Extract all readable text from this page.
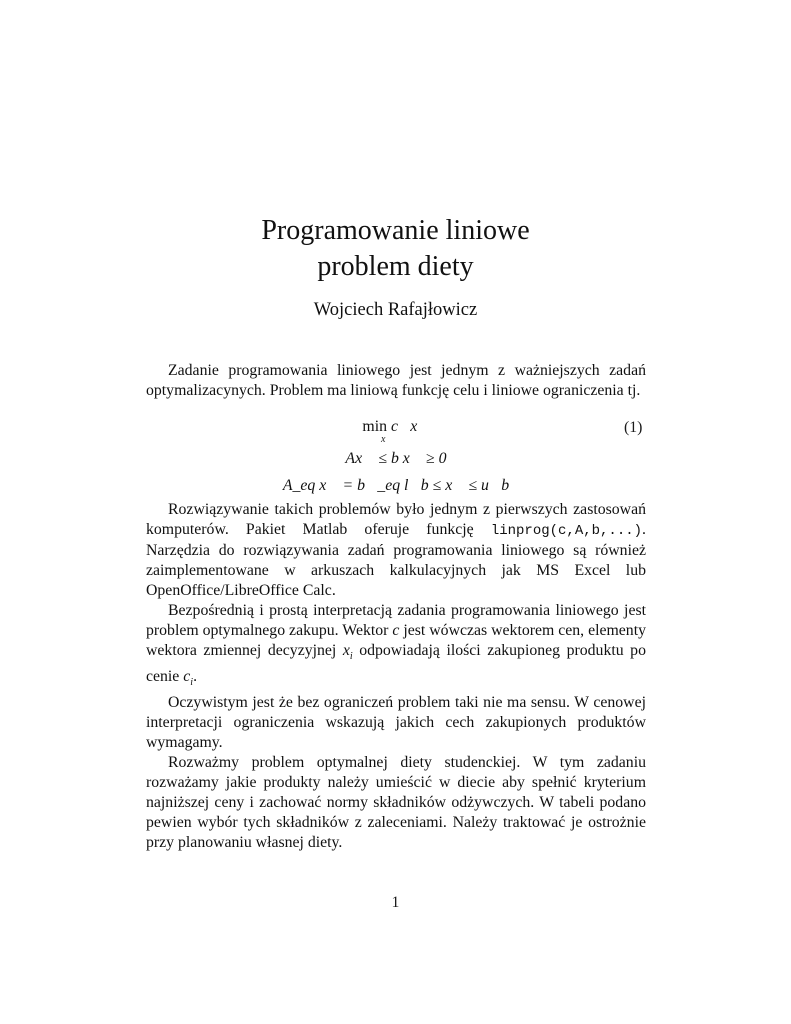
Programowanie liniowe
problem diety
Wojciech Rafajłowicz

Zadanie programowania liniowego jest jednym z ważniejszych zadań optymalizacynych. Problem ma liniową funkcję celu i liniowe ograniczenia tj.

min c⃗x⃗
x
(1)
Ax⃗ ≤ b x⃗ ≥ 0
A_eq x⃗ = b⃗_eq l⃗b ≤ x⃗ ≤ u⃗b

Rozwiązywanie takich problemów było jednym z pierwszych zastosowań komputerów. Pakiet Matlab oferuje funkcję linprog(c,A,b,...). Narzędzia do rozwiązywania zadań programowania liniowego są również zaimplementowane w arkuszach kalkulacyjnych jak MS Excel lub OpenOffice/LibreOffice Calc.

Bezpośrednią i prostą interpretacją zadania programowania liniowego jest problem optymalnego zakupu. Wektor c jest wówczas wektorem cen, elementy wektora zmiennej decyzyjnej $x_i$ odpowiadają ilości zakupioneg produktu po cenie $c_i$.

Oczywistym jest że bez ograniczeń problem taki nie ma sensu. W cenowej interpretacji ograniczenia wskazują jakich cech zakupionych produktów wymagamy.

Rozważmy problem optymalnej diety studenckiej. W tym zadaniu rozważamy jakie produkty należy umieścić w diecie aby spełnić kryterium najniższej ceny i zachować normy składników odżywczych. W tabeli podano pewien wybór tych składników z zaleceniami. Należy traktować je ostrożnie przy planowaniu własnej diety.

1
